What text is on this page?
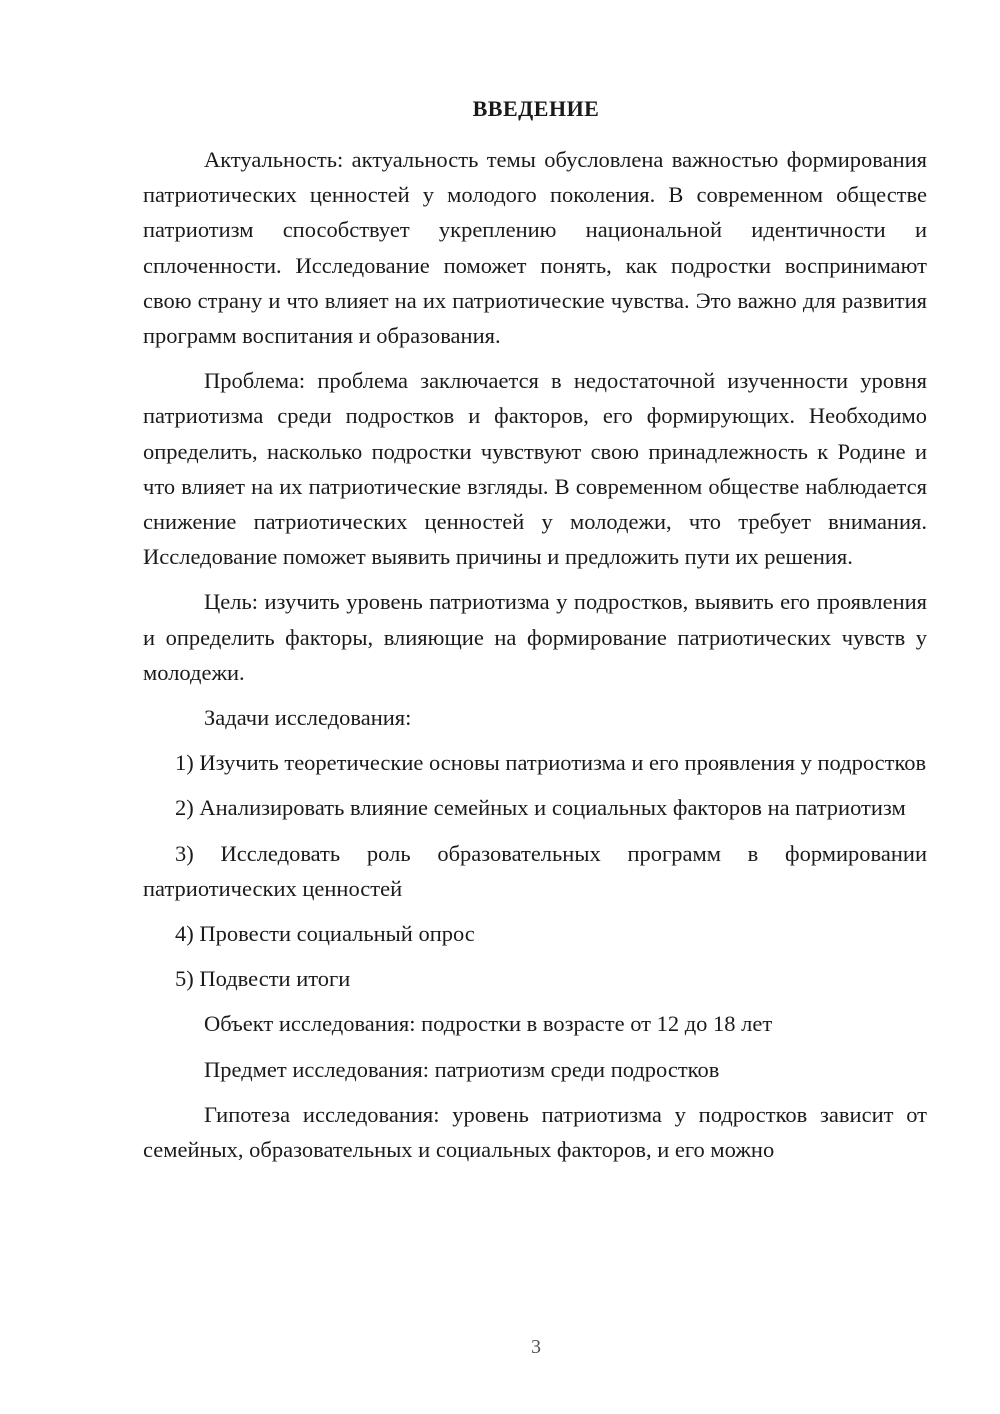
ВВЕДЕНИЕ

Актуальность: актуальность темы обусловлена важностью формирования патриотических ценностей у молодого поколения. В современном обществе патриотизм способствует укреплению национальной идентичности и сплоченности. Исследование поможет понять, как подростки воспринимают свою страну и что влияет на их патриотические чувства. Это важно для развития программ воспитания и образования.

Проблема: проблема заключается в недостаточной изученности уровня патриотизма среди подростков и факторов, его формирующих. Необходимо определить, насколько подростки чувствуют свою принадлежность к Родине и что влияет на их патриотические взгляды. В современном обществе наблюдается снижение патриотических ценностей у молодежи, что требует внимания. Исследование поможет выявить причины и предложить пути их решения.

Цель: изучить уровень патриотизма у подростков, выявить его проявления и определить факторы, влияющие на формирование патриотических чувств у молодежи.

Задачи исследования:

1) Изучить теоретические основы патриотизма и его проявления у подростков

2) Анализировать влияние семейных и социальных факторов на патриотизм

3) Исследовать роль образовательных программ в формировании патриотических ценностей

4) Провести социальный опрос

5) Подвести итоги

Объект исследования: подростки в возрасте от 12 до 18 лет

Предмет исследования: патриотизм среди подростков

Гипотеза исследования: уровень патриотизма у подростков зависит от семейных, образовательных и социальных факторов, и его можно

3
